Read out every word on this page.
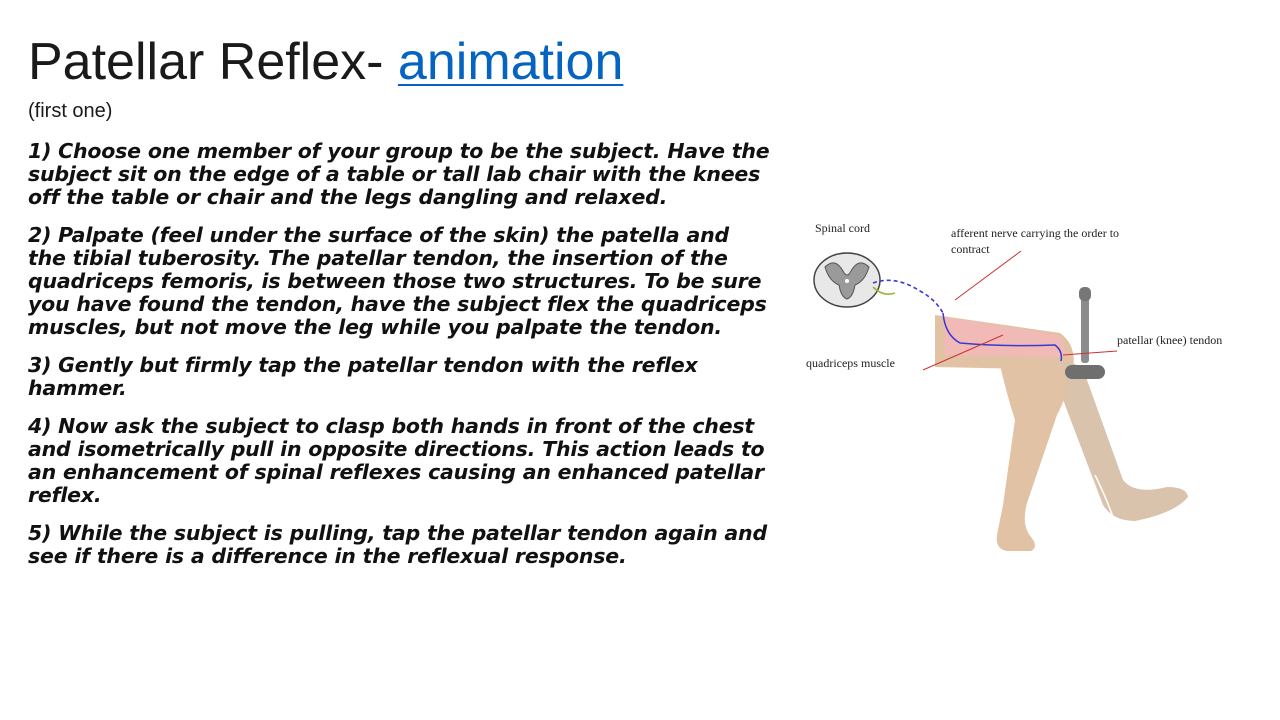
Patellar Reflex- animation
(first one)

1) Choose one member of your group to be the subject. Have the subject sit on the edge of a table or tall lab chair with the knees off the table or chair and the legs dangling and relaxed.

2) Palpate (feel under the surface of the skin) the patella and the tibial tuberosity. The patellar tendon, the insertion of the quadriceps femoris, is between those two structures. To be sure you have found the tendon, have the subject flex the quadriceps muscles, but not move the leg while you palpate the tendon.

3) Gently but firmly tap the patellar tendon with the reflex hammer.

4) Now ask the subject to clasp both hands in front of the chest and isometrically pull in opposite directions. This action leads to an enhancement of spinal reflexes causing an enhanced patellar reflex.

5) While the subject is pulling, tap the patellar tendon again and see if there is a difference in the reflexual response.

Spinal cord	afferent nerve carrying the order to
contract
quadriceps muscle
patellar (knee) tendon
